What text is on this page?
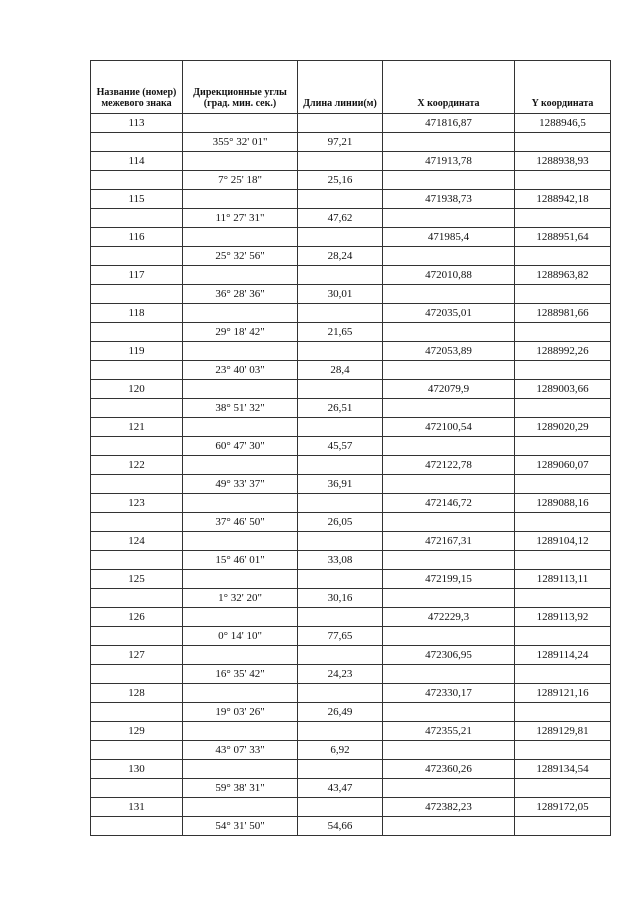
Название (номер) межевого знака	Дирекционные углы (град. мин. сек.)	Длина линии(м)	X координата	Y координата
113			471816,87	1288946,5
	355° 32' 01"	97,21		
114			471913,78	1288938,93
	7° 25' 18"	25,16		
115			471938,73	1288942,18
	11° 27' 31"	47,62		
116			471985,4	1288951,64
	25° 32' 56"	28,24		
117			472010,88	1288963,82
	36° 28' 36"	30,01		
118			472035,01	1288981,66
	29° 18' 42"	21,65		
119			472053,89	1288992,26
	23° 40' 03"	28,4		
120			472079,9	1289003,66
	38° 51' 32"	26,51		
121			472100,54	1289020,29
	60° 47' 30"	45,57		
122			472122,78	1289060,07
	49° 33' 37"	36,91		
123			472146,72	1289088,16
	37° 46' 50"	26,05		
124			472167,31	1289104,12
	15° 46' 01"	33,08		
125			472199,15	1289113,11
	1° 32' 20"	30,16		
126			472229,3	1289113,92
	0° 14' 10"	77,65		
127			472306,95	1289114,24
	16° 35' 42"	24,23		
128			472330,17	1289121,16
	19° 03' 26"	26,49		
129			472355,21	1289129,81
	43° 07' 33"	6,92		
130			472360,26	1289134,54
	59° 38' 31"	43,47		
131			472382,23	1289172,05
	54° 31' 50"	54,66		
